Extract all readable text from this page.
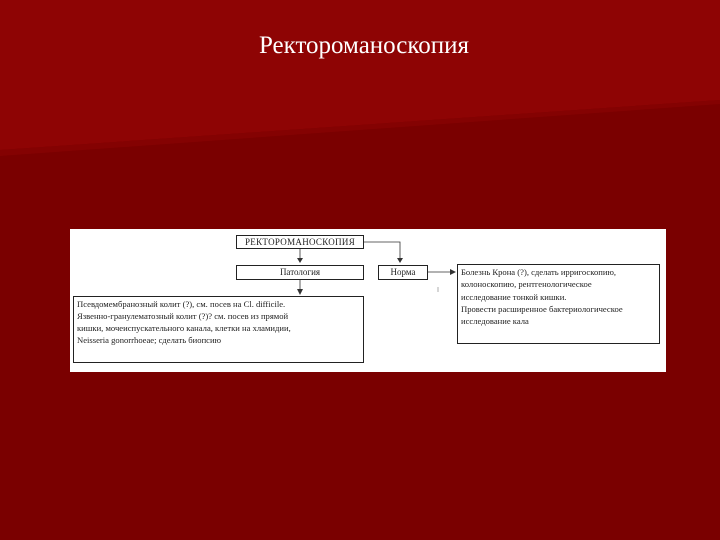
Ректороманоскопия
РЕКТОРОМАНОСКОПИЯ
Патология	Норма
Псевдомембранозный колит (?), см. посев на Cl. difficile.
Язвенно-гранулематозный колит (?)? см. посев из прямой
кишки, мочеиспускательного канала, клетки на хламидии,
Neisseria gonorrhoeae; сделать биопсию
Болезнь Крона (?), сделать ирригоскопию,
колоноскопию, рентгенологическое
исследование тонкой кишки.
Провести расширенное бактериологическое
исследование кала
